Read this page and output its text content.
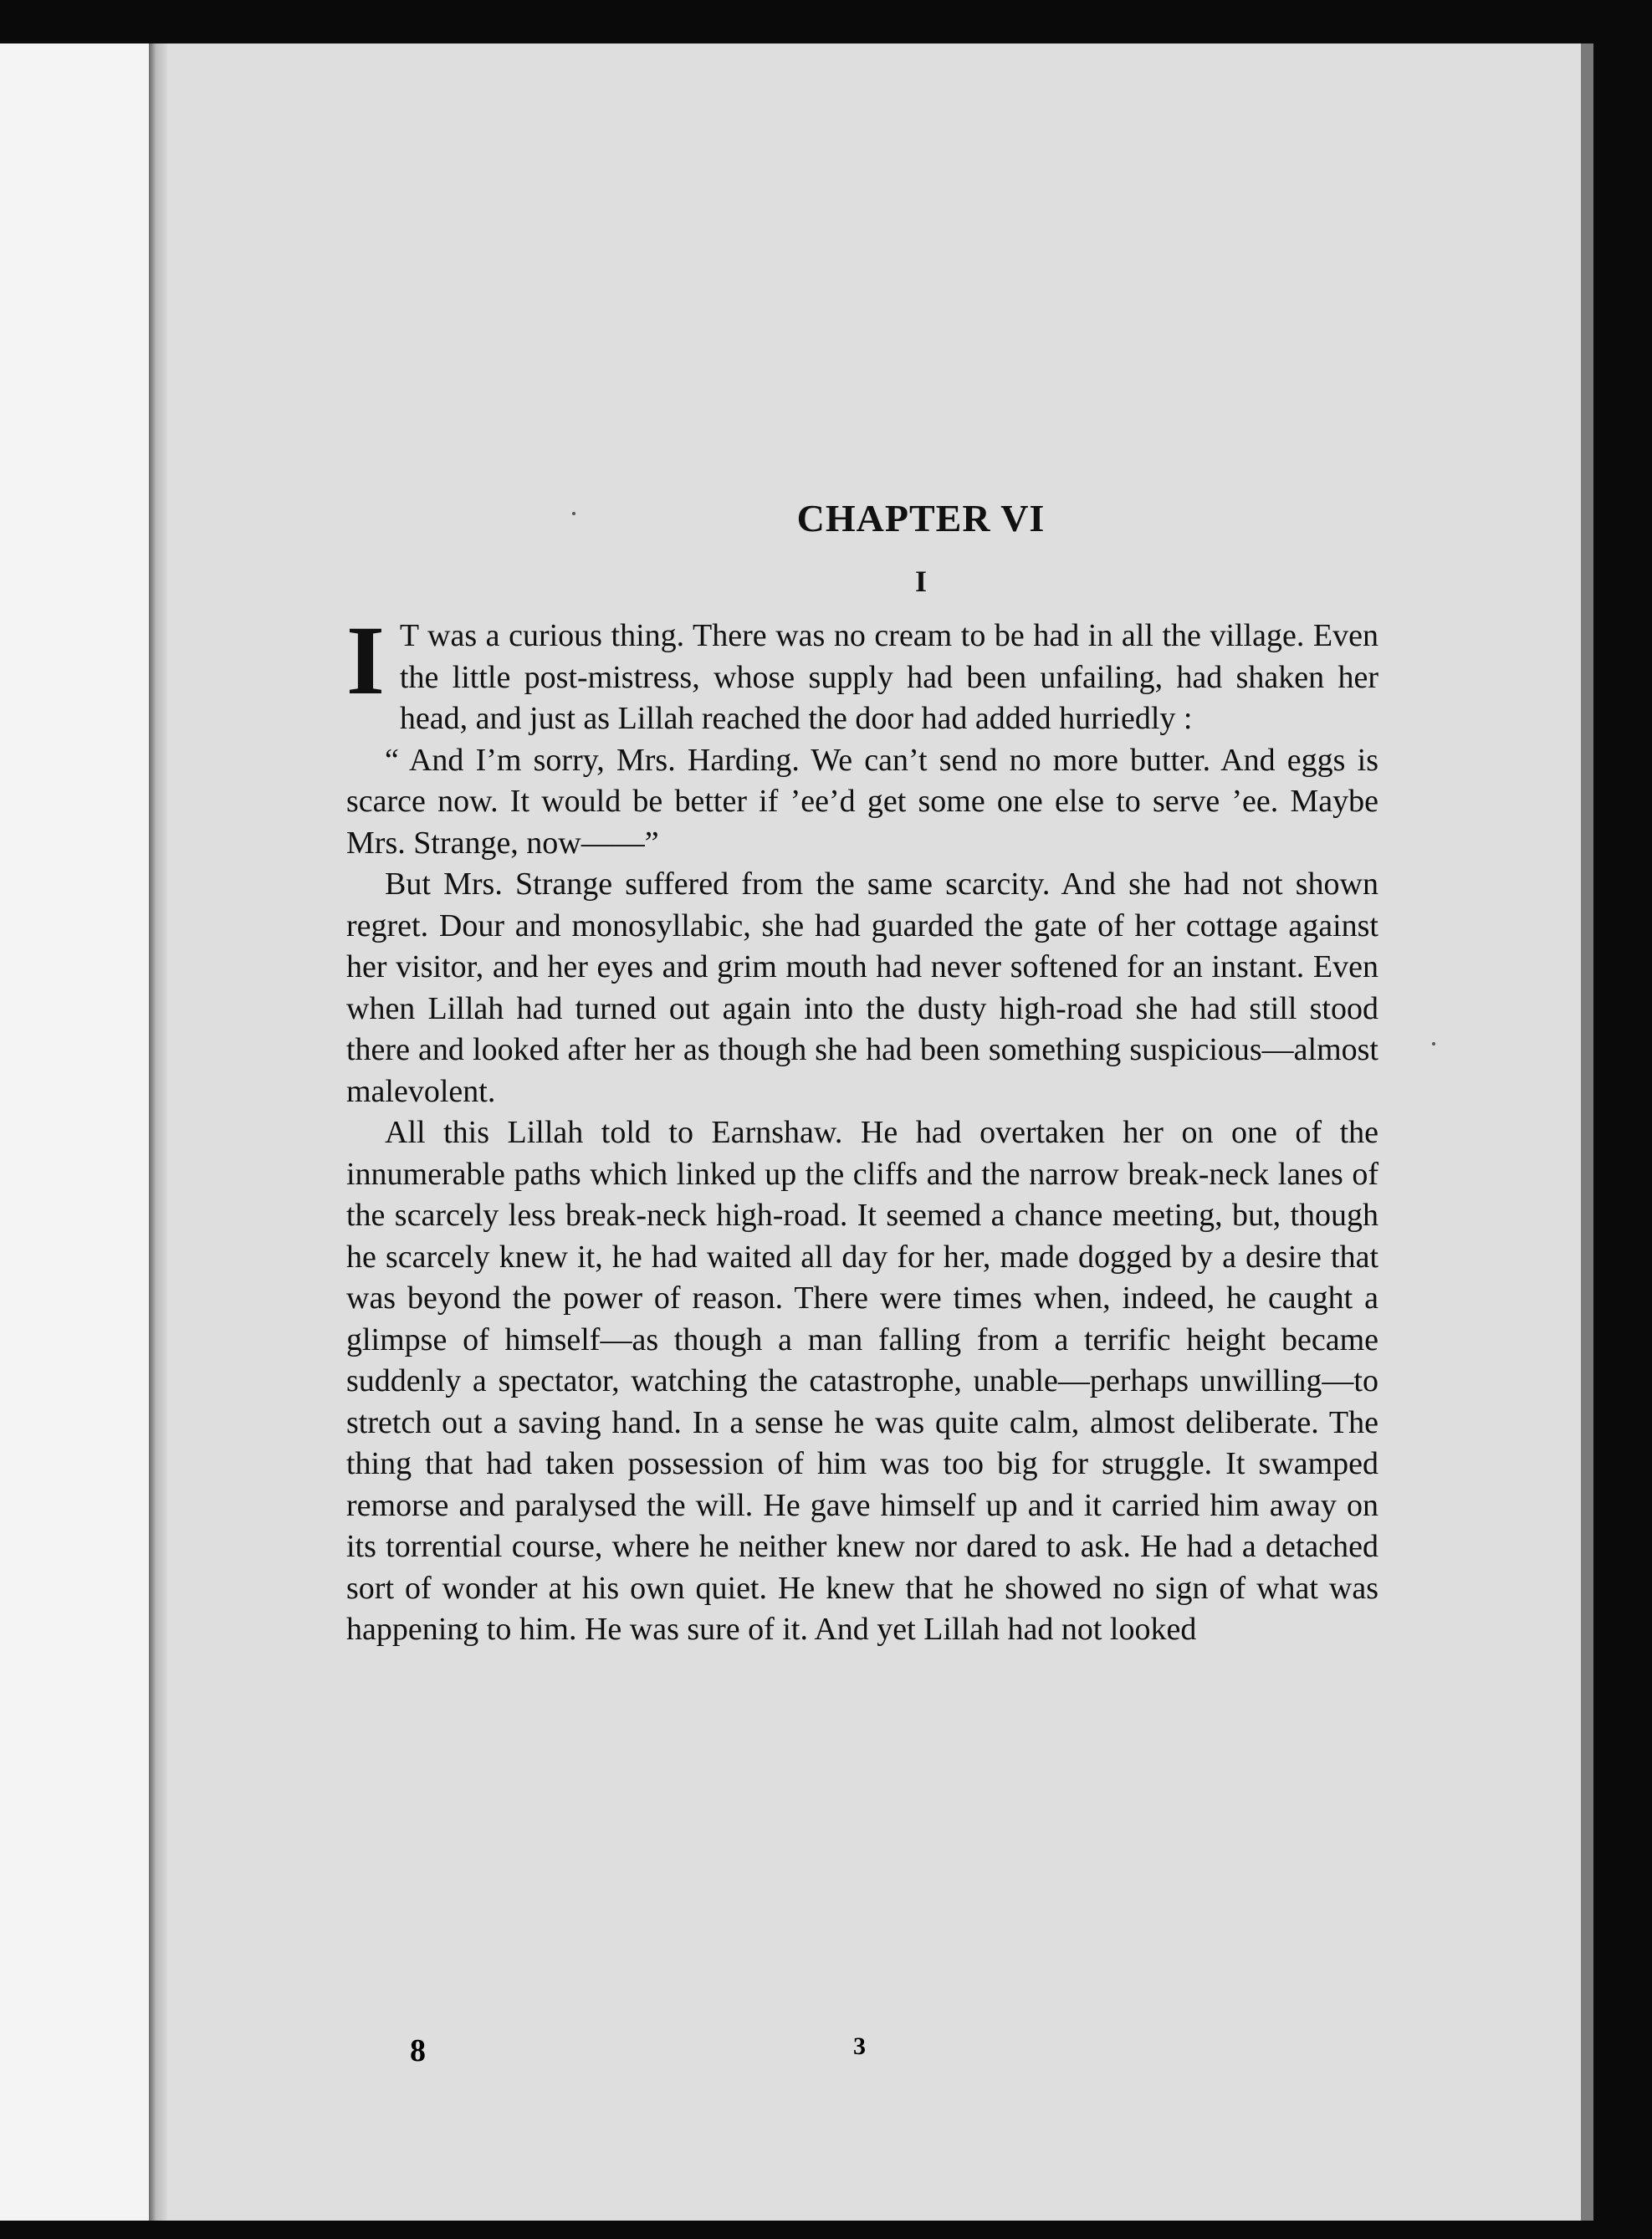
CHAPTER VI
I

I T was a curious thing. There was no cream to be had in all the village. Even the little post-mistress, whose supply had been unfailing, had shaken her head, and just as Lillah reached the door had added hurriedly :

“ And I’m sorry, Mrs. Harding. We can’t send no more butter. And eggs is scarce now. It would be better if ’ee’d get some one else to serve ’ee. Maybe Mrs. Strange, now——”

But Mrs. Strange suffered from the same scarcity. And she had not shown regret. Dour and monosyllabic, she had guarded the gate of her cottage against her visitor, and her eyes and grim mouth had never softened for an instant. Even when Lillah had turned out again into the dusty high-road she had still stood there and looked after her as though she had been something suspicious—almost malevolent.

All this Lillah told to Earnshaw. He had overtaken her on one of the innumerable paths which linked up the cliffs and the narrow break-neck lanes of the scarcely less break-neck high-road. It seemed a chance meeting, but, though he scarcely knew it, he had waited all day for her, made dogged by a desire that was beyond the power of reason. There were times when, indeed, he caught a glimpse of himself—as though a man falling from a terrific height became suddenly a spectator, watching the catastrophe, unable—perhaps unwilling—to stretch out a saving hand. In a sense he was quite calm, almost deliberate. The thing that had taken possession of him was too big for struggle. It swamped remorse and paralysed the will. He gave himself up and it carried him away on its torrential course, where he neither knew nor dared to ask. He had a detached sort of wonder at his own quiet. He knew that he showed no sign of what was happening to him. He was sure of it. And yet Lillah had not looked

8	3
